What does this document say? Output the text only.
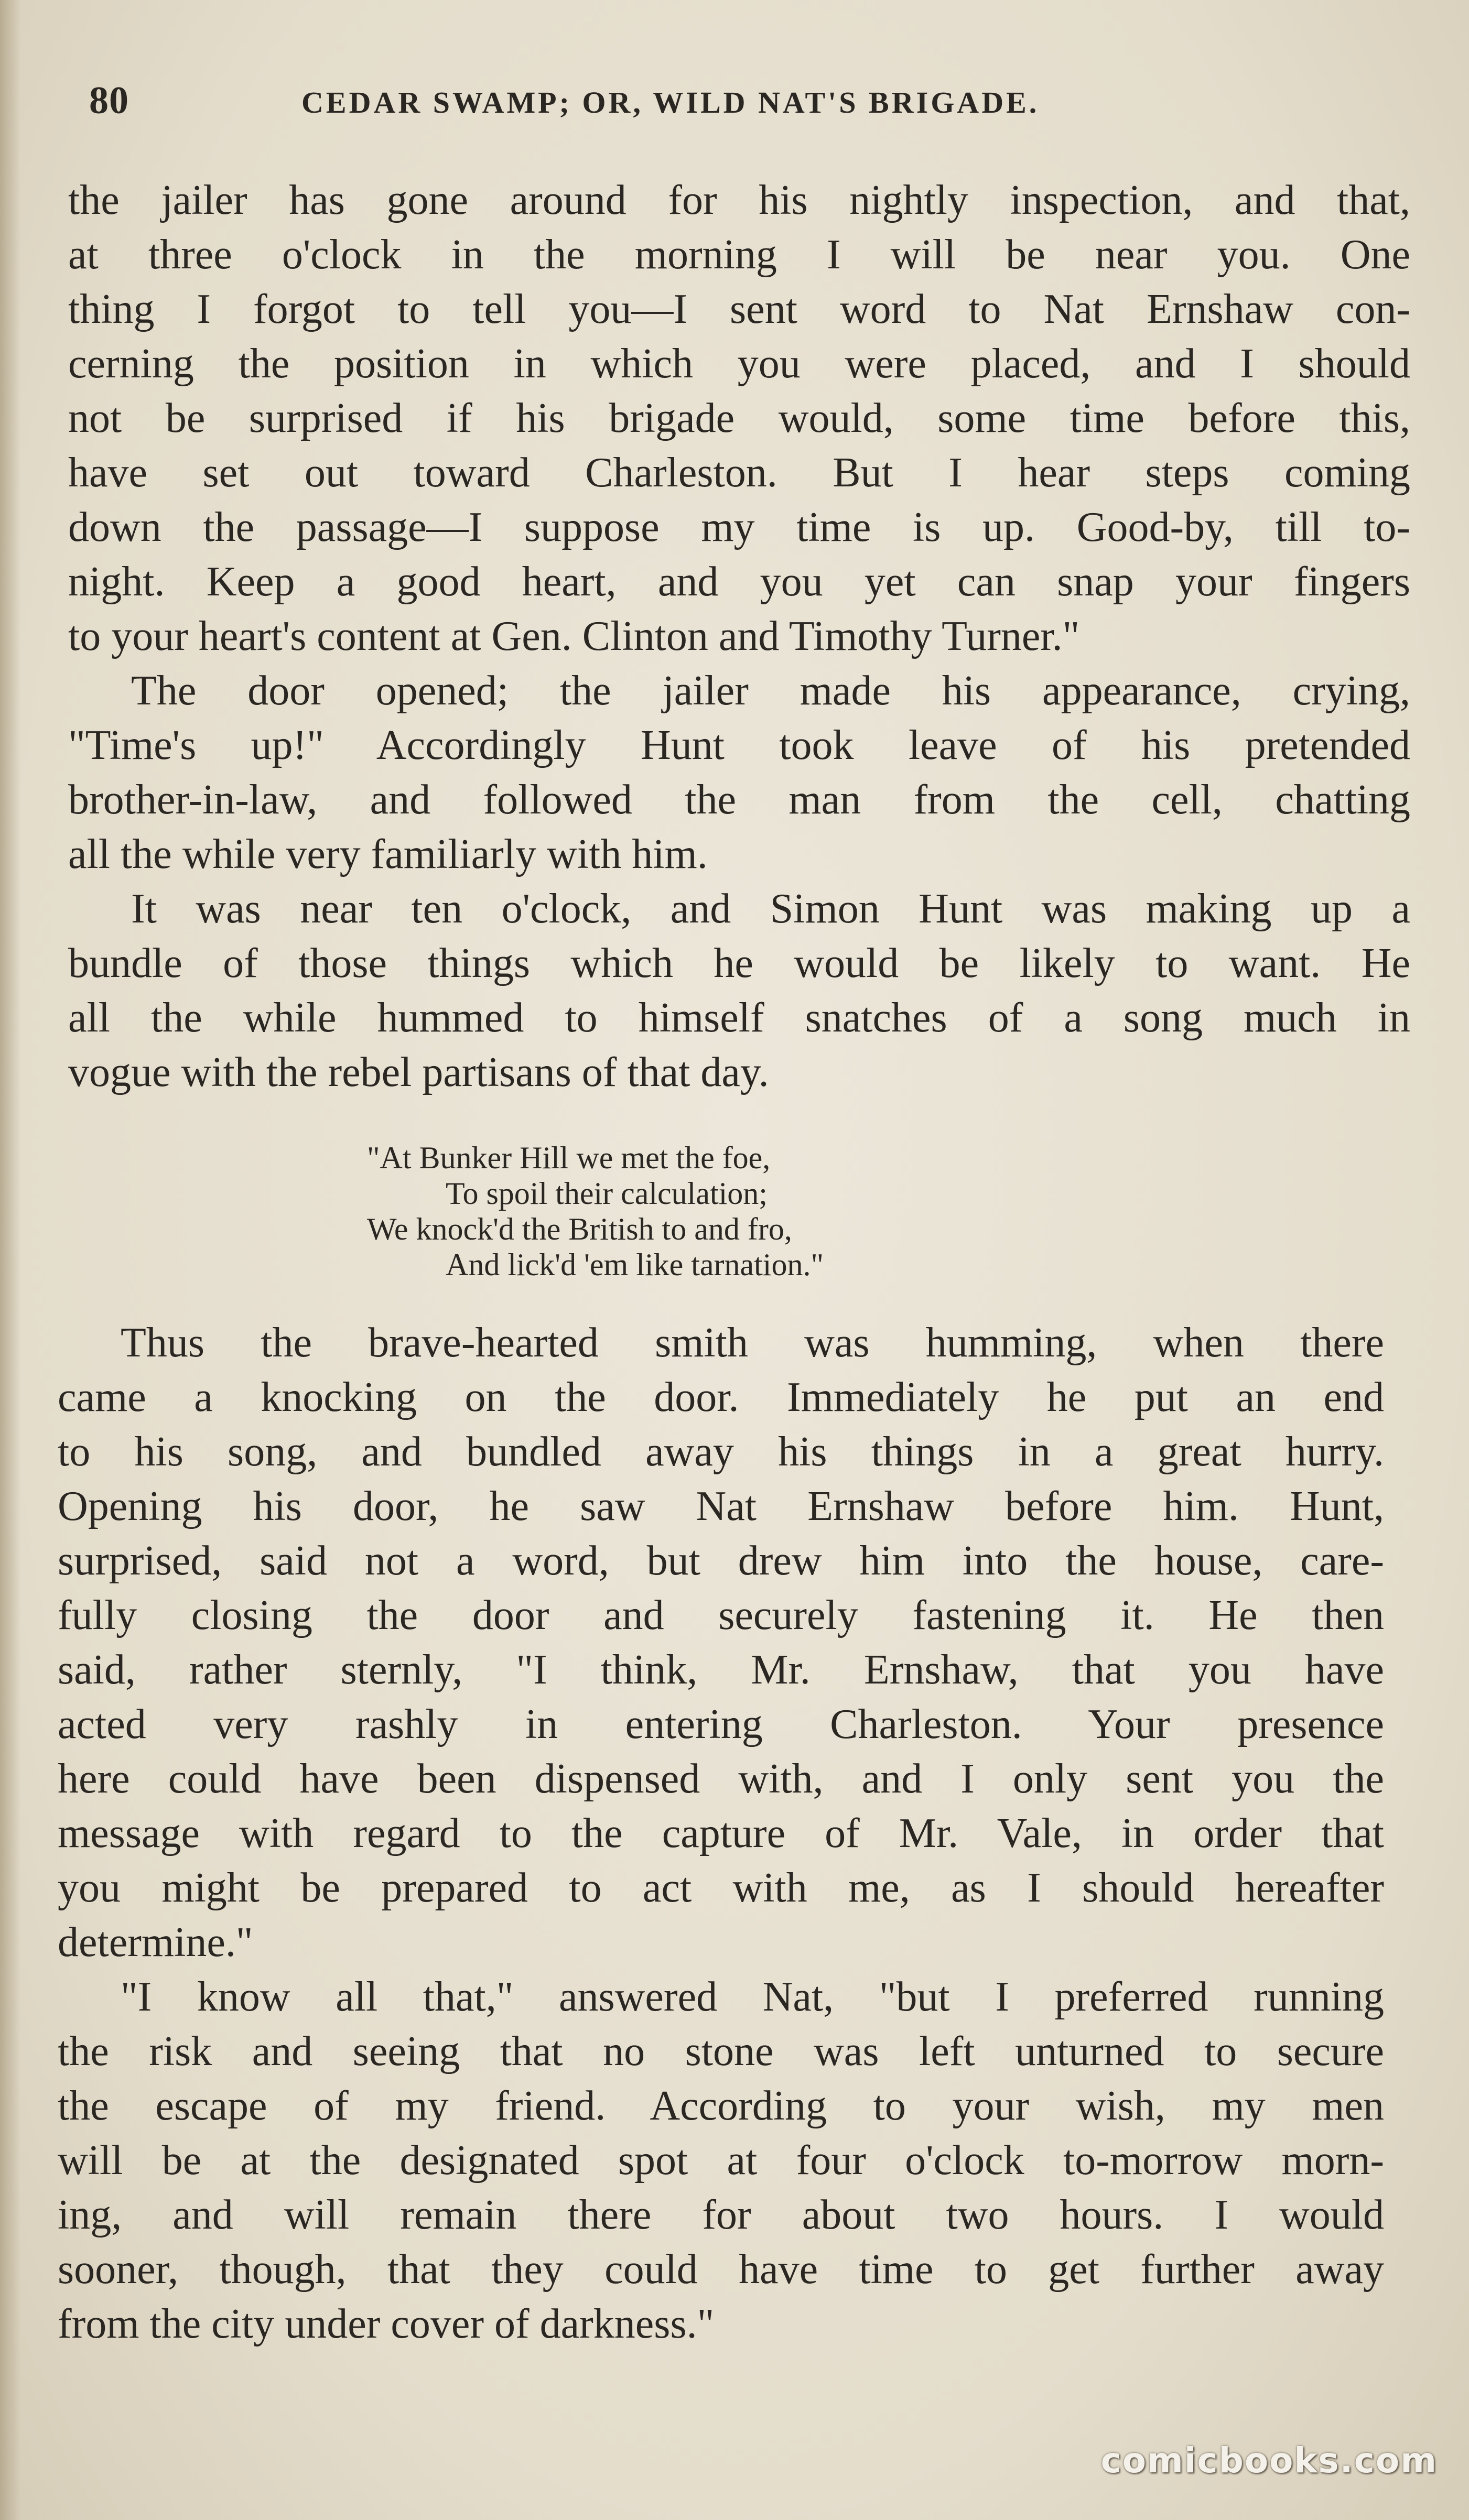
80	CEDAR SWAMP; OR, WILD NAT'S BRIGADE.
the jailer has gone around for his nightly inspection, and that,
at three o'clock in the morning I will be near you. One
thing I forgot to tell you—I sent word to Nat Ernshaw con-
cerning the position in which you were placed, and I should
not be surprised if his brigade would, some time before this,
have set out toward Charleston. But I hear steps coming
down the passage—I suppose my time is up. Good-by, till to-
night. Keep a good heart, and you yet can snap your fingers
to your heart's content at Gen. Clinton and Timothy Turner."
The door opened; the jailer made his appearance, crying,
"Time's up!" Accordingly Hunt took leave of his pretended
brother-in-law, and followed the man from the cell, chatting
all the while very familiarly with him.
It was near ten o'clock, and Simon Hunt was making up a
bundle of those things which he would be likely to want. He
all the while hummed to himself snatches of a song much in
vogue with the rebel partisans of that day.
"At Bunker Hill we met the foe,
To spoil their calculation;
We knock'd the British to and fro,
And lick'd 'em like tarnation."
Thus the brave-hearted smith was humming, when there
came a knocking on the door. Immediately he put an end
to his song, and bundled away his things in a great hurry.
Opening his door, he saw Nat Ernshaw before him. Hunt,
surprised, said not a word, but drew him into the house, care-
fully closing the door and securely fastening it. He then
said, rather sternly, "I think, Mr. Ernshaw, that you have
acted very rashly in entering Charleston. Your presence
here could have been dispensed with, and I only sent you the
message with regard to the capture of Mr. Vale, in order that
you might be prepared to act with me, as I should hereafter
determine."
"I know all that," answered Nat, "but I preferred running
the risk and seeing that no stone was left unturned to secure
the escape of my friend. According to your wish, my men
will be at the designated spot at four o'clock to-morrow morn-
ing, and will remain there for about two hours. I would
sooner, though, that they could have time to get further away
from the city under cover of darkness."
comicbooks.com
